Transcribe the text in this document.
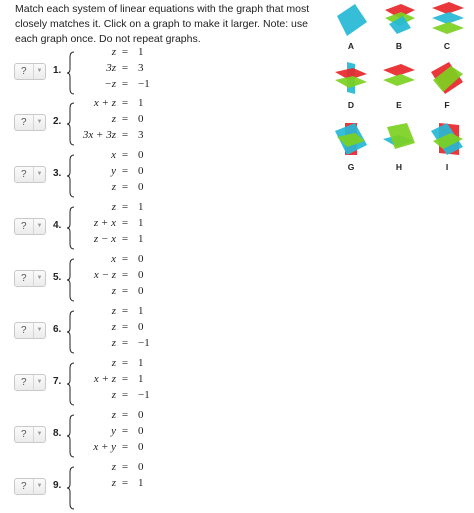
Match each system of linear equations with the graph that most closely matches it. Click on a graph to make it larger. Note: use each graph once. Do not repeat graphs.
?	▼ 1.
z = 1
3z = 3
−z = −1
?	▼ 2.
x + z = 1
z = 0
3x + 3z = 3
?	▼ 3.
x = 0
y = 0
z = 0
?	▼ 4.
z = 1
z + x = 1
z − x = 1
?	▼ 5.
x = 0
x − z = 0
z = 0
?	▼ 6.
z = 1
z = 0
z = −1
?	▼ 7.
z = 1
x + z = 1
z = −1
?	▼ 8.
z = 0
y = 0
x + y = 0
?	▼ 9.
z = 0
z = 1
A	B	C
D	E	F
G	H	I
